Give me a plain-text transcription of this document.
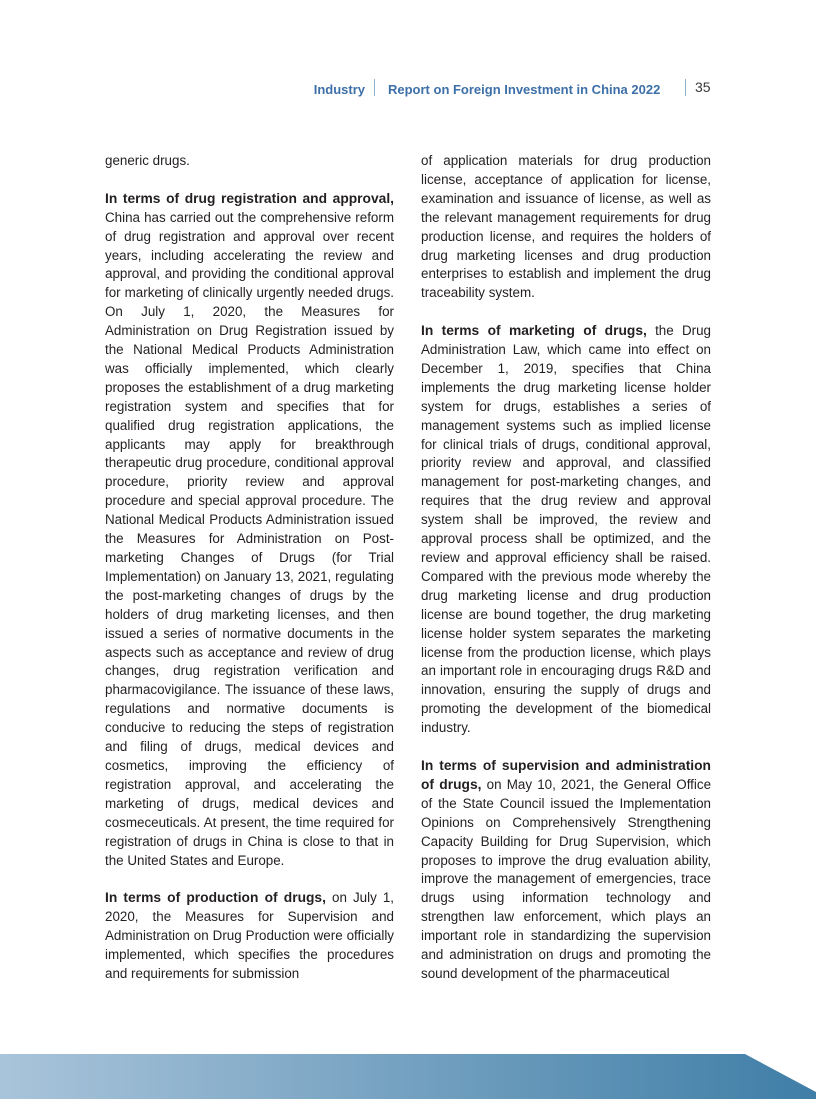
Industry Report on Foreign Investment in China 2022 35

generic drugs.

In terms of drug registration and approval, China has carried out the comprehensive reform of drug registration and approval over recent years, including accelerating the review and approval, and providing the conditional approval for marketing of clinically urgently needed drugs. On July 1, 2020, the Measures for Administration on Drug Registration issued by the National Medical Products Administration was officially implemented, which clearly proposes the establishment of a drug marketing registration system and specifies that for qualified drug registration applications, the applicants may apply for breakthrough therapeutic drug procedure, conditional approval procedure, priority review and approval procedure and special approval procedure. The National Medical Products Administration issued the Measures for Administration on Post-marketing Changes of Drugs (for Trial Implementation) on January 13, 2021, regulating the post-marketing changes of drugs by the holders of drug marketing licenses, and then issued a series of normative documents in the aspects such as acceptance and review of drug changes, drug registration verification and pharmacovigilance. The issuance of these laws, regulations and normative documents is conducive to reducing the steps of registration and filing of drugs, medical devices and cosmetics, improving the efficiency of registration approval, and accelerating the marketing of drugs, medical devices and cosmeceuticals. At present, the time required for registration of drugs in China is close to that in the United States and Europe.

In terms of production of drugs, on July 1, 2020, the Measures for Supervision and Administration on Drug Production were officially implemented, which specifies the procedures and requirements for submission

of application materials for drug production license, acceptance of application for license, examination and issuance of license, as well as the relevant management requirements for drug production license, and requires the holders of drug marketing licenses and drug production enterprises to establish and implement the drug traceability system.

In terms of marketing of drugs, the Drug Administration Law, which came into effect on December 1, 2019, specifies that China implements the drug marketing license holder system for drugs, establishes a series of management systems such as implied license for clinical trials of drugs, conditional approval, priority review and approval, and classified management for post-marketing changes, and requires that the drug review and approval system shall be improved, the review and approval process shall be optimized, and the review and approval efficiency shall be raised. Compared with the previous mode whereby the drug marketing license and drug production license are bound together, the drug marketing license holder system separates the marketing license from the production license, which plays an important role in encouraging drugs R&D and innovation, ensuring the supply of drugs and promoting the development of the biomedical industry.

In terms of supervision and administration of drugs, on May 10, 2021, the General Office of the State Council issued the Implementation Opinions on Comprehensively Strengthening Capacity Building for Drug Supervision, which proposes to improve the drug evaluation ability, improve the management of emergencies, trace drugs using information technology and strengthen law enforcement, which plays an important role in standardizing the supervision and administration on drugs and promoting the sound development of the pharmaceutical
